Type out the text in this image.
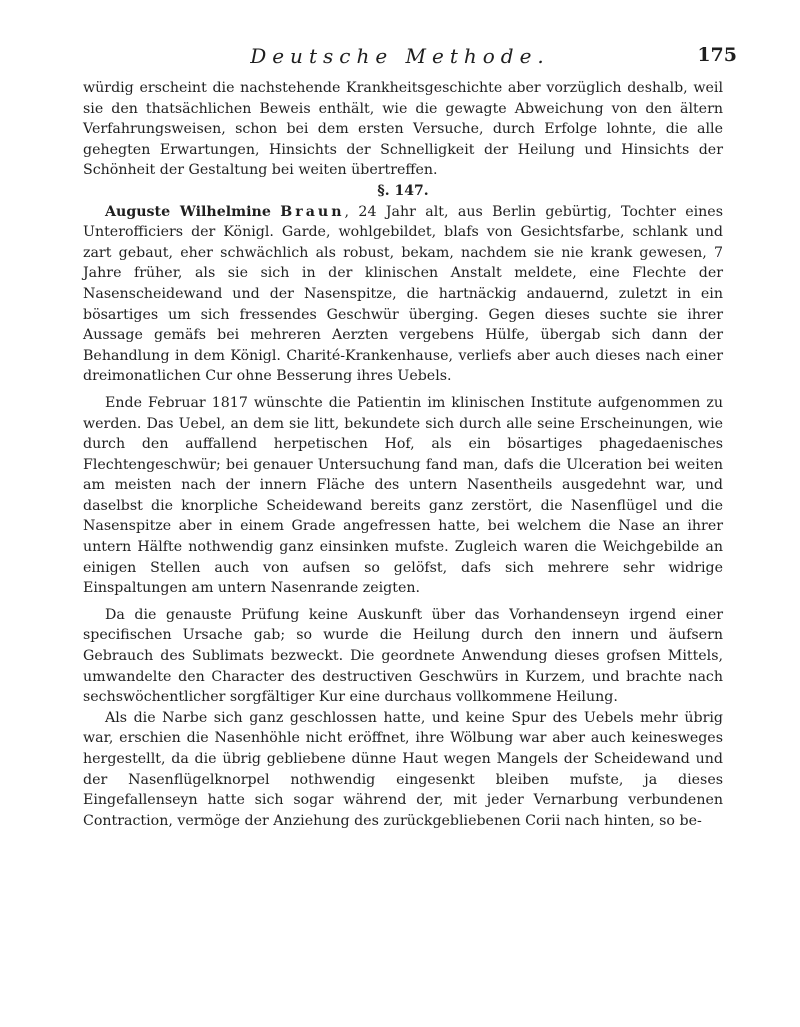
Deutsche Methode.	175

würdig erscheint die nachstehende Krankheitsgeschichte aber vorzüglich deshalb, weil sie den thatsächlichen Beweis enthält, wie die gewagte Abweichung von den ältern Verfahrungsweisen, schon bei dem ersten Versuche, durch Erfolge lohnte, die alle gehegten Erwartungen, Hinsichts der Schnelligkeit der Heilung und Hinsichts der Schönheit der Gestaltung bei weiten übertreffen.

§. 147.

Auguste Wilhelmine Braun, 24 Jahr alt, aus Berlin gebürtig, Tochter eines Unterofficiers der Königl. Garde, wohlgebildet, blafs von Gesichtsfarbe, schlank und zart gebaut, eher schwächlich als robust, bekam, nachdem sie nie krank gewesen, 7 Jahre früher, als sie sich in der klinischen Anstalt meldete, eine Flechte der Nasenscheidewand und der Nasenspitze, die hartnäckig andauernd, zuletzt in ein bösartiges um sich fressendes Geschwür überging. Gegen dieses suchte sie ihrer Aussage gemäfs bei mehreren Aerzten vergebens Hülfe, übergab sich dann der Behandlung in dem Königl. Charité-Krankenhause, verliefs aber auch dieses nach einer dreimonatlichen Cur ohne Besserung ihres Uebels.

Ende Februar 1817 wünschte die Patientin im klinischen Institute aufgenommen zu werden. Das Uebel, an dem sie litt, bekundete sich durch alle seine Erscheinungen, wie durch den auffallend herpetischen Hof, als ein bösartiges phagedaenisches Flechtengeschwür; bei genauer Untersuchung fand man, dafs die Ulceration bei weiten am meisten nach der innern Fläche des untern Nasentheils ausgedehnt war, und daselbst die knorpliche Scheidewand bereits ganz zerstört, die Nasenflügel und die Nasenspitze aber in einem Grade angefressen hatte, bei welchem die Nase an ihrer untern Hälfte nothwendig ganz einsinken mufste. Zugleich waren die Weichgebilde an einigen Stellen auch von aufsen so gelöfst, dafs sich mehrere sehr widrige Einspaltungen am untern Nasenrande zeigten.

Da die genauste Prüfung keine Auskunft über das Vorhandenseyn irgend einer specifischen Ursache gab; so wurde die Heilung durch den innern und äufsern Gebrauch des Sublimats bezweckt. Die geordnete Anwendung dieses grofsen Mittels, umwandelte den Character des destructiven Geschwürs in Kurzem, und brachte nach sechswöchentlicher sorgfältiger Kur eine durchaus vollkommene Heilung.

Als die Narbe sich ganz geschlossen hatte, und keine Spur des Uebels mehr übrig war, erschien die Nasenhöhle nicht eröffnet, ihre Wölbung war aber auch keinesweges hergestellt, da die übrig gebliebene dünne Haut wegen Mangels der Scheidewand und der Nasenflügelknorpel nothwendig eingesenkt bleiben mufste, ja dieses Eingefallenseyn hatte sich sogar während der, mit jeder Vernarbung verbundenen Contraction, vermöge der Anziehung des zurückgebliebenen Corii nach hinten, so be-
